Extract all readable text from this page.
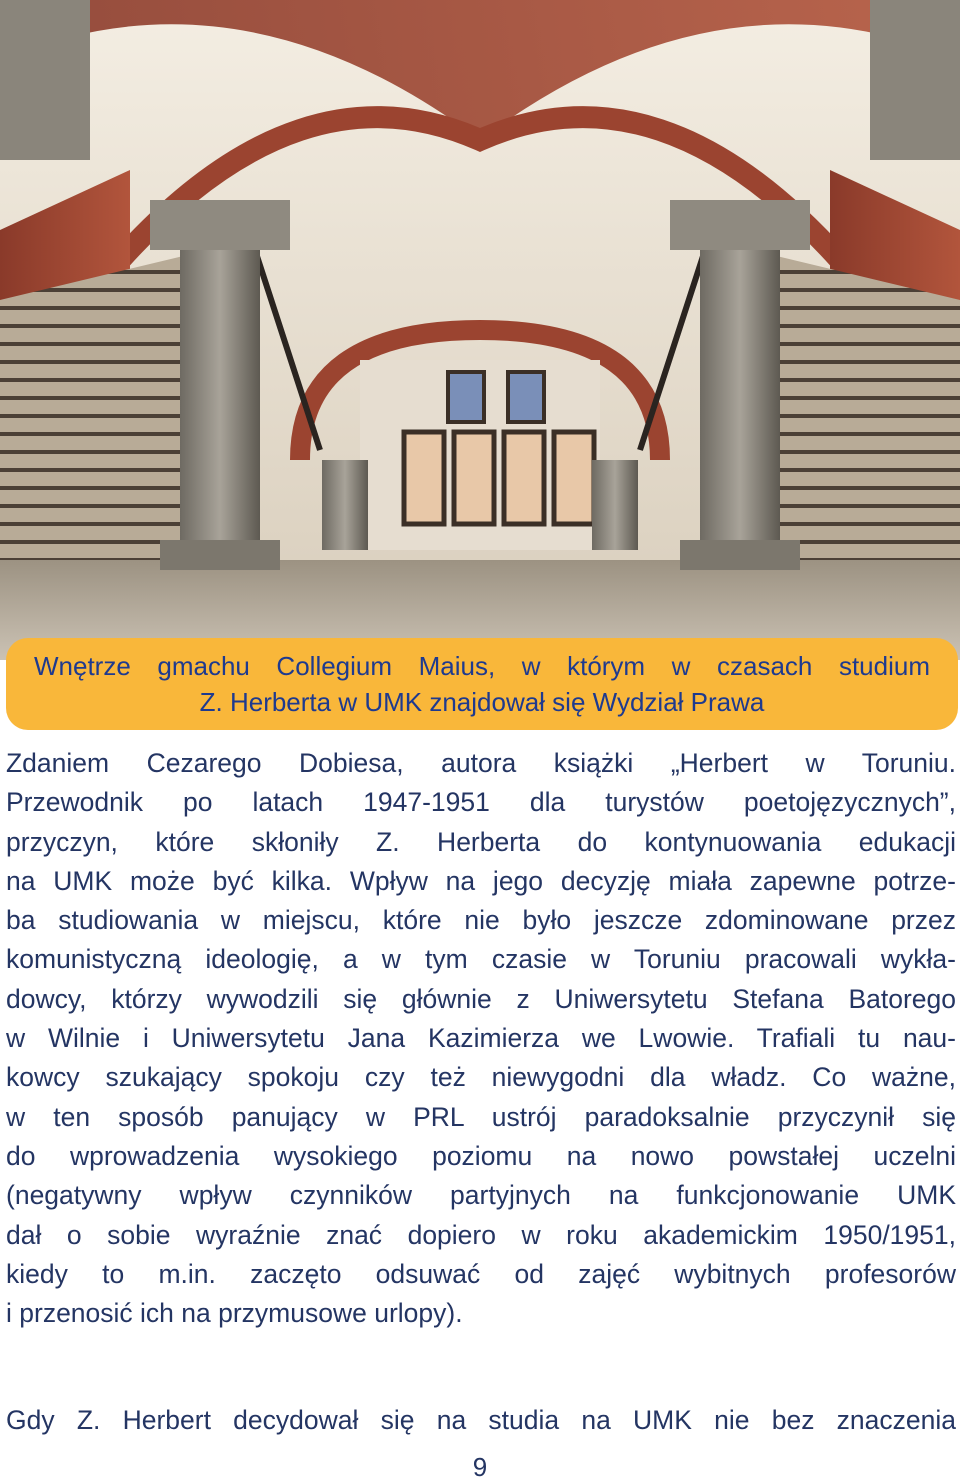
Wnętrze gmachu Collegium Maius, w którym w czasach studium
Z. Herberta w UMK znajdował się Wydział Prawa
Zdaniem Cezarego Dobiesa, autora książki „Herbert w Toruniu.
Przewodnik po latach 1947-1951 dla turystów poetojęzycznych”,
przyczyn, które skłoniły Z. Herberta do kontynuowania edukacji
na UMK może być kilka. Wpływ na jego decyzję miała zapewne potrze-
ba studiowania w miejscu, które nie było jeszcze zdominowane przez
komunistyczną ideologię, a w tym czasie w Toruniu pracowali wykła-
dowcy, którzy wywodzili się głównie z Uniwersytetu Stefana Batorego
w Wilnie i Uniwersytetu Jana Kazimierza we Lwowie. Trafiali tu nau-
kowcy szukający spokoju czy też niewygodni dla władz. Co ważne,
w ten sposób panujący w PRL ustrój paradoksalnie przyczynił się
do wprowadzenia wysokiego poziomu na nowo powstałej uczelni
(negatywny wpływ czynników partyjnych na funkcjonowanie UMK
dał o sobie wyraźnie znać dopiero w roku akademickim 1950/1951,
kiedy to m.in. zaczęto odsuwać od zajęć wybitnych profesorów
i przenosić ich na przymusowe urlopy).
Gdy Z. Herbert decydował się na studia na UMK nie bez znaczenia
9
